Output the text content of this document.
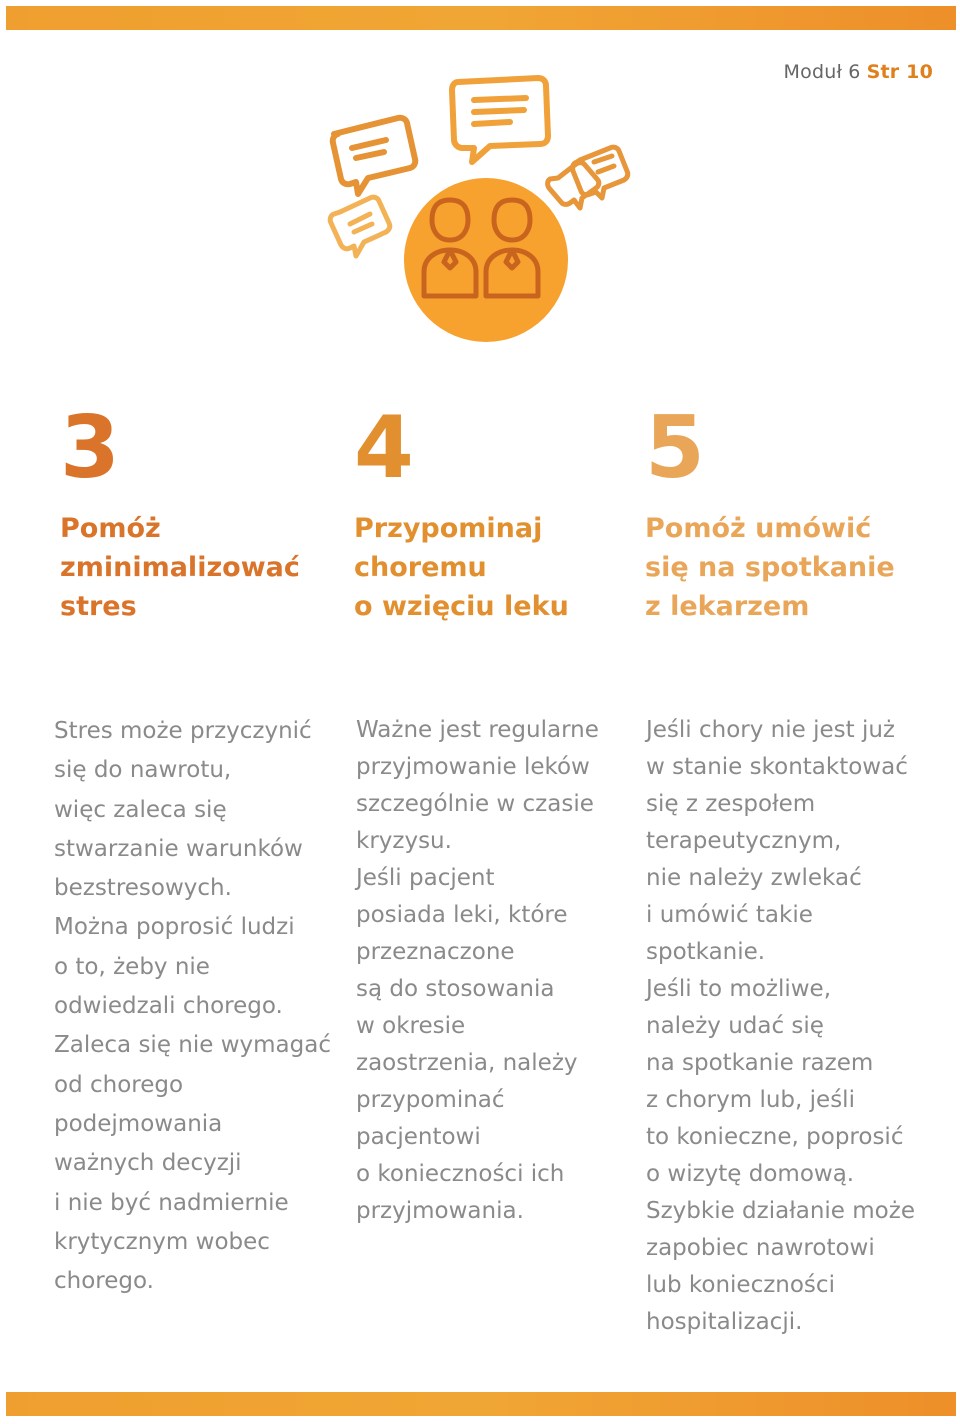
Moduł 6 Str 10
3
Pomóż
zminimalizować
stres
4
Przypominaj
choremu
o wzięciu leku
5
Pomóż umówić
się na spotkanie
z lekarzem

Stres może przyczynić
się do nawrotu,
więc zaleca się
stwarzanie warunków
bezstresowych.
Można poprosić ludzi
o to, żeby nie
odwiedzali chorego.
Zaleca się nie wymagać
od chorego
podejmowania
ważnych decyzji
i nie być nadmiernie
krytycznym wobec
chorego.

Ważne jest regularne
przyjmowanie leków
szczególnie w czasie
kryzysu.
Jeśli pacjent
posiada leki, które
przeznaczone
są do stosowania
w okresie
zaostrzenia, należy
przypominać
pacjentowi
o konieczności ich
przyjmowania.

Jeśli chory nie jest już
w stanie skontaktować
się z zespołem
terapeutycznym,
nie należy zwlekać
i umówić takie
spotkanie.
Jeśli to możliwe,
należy udać się
na spotkanie razem
z chorym lub, jeśli
to konieczne, poprosić
o wizytę domową.
Szybkie działanie może
zapobiec nawrotowi
lub konieczności
hospitalizacji.
